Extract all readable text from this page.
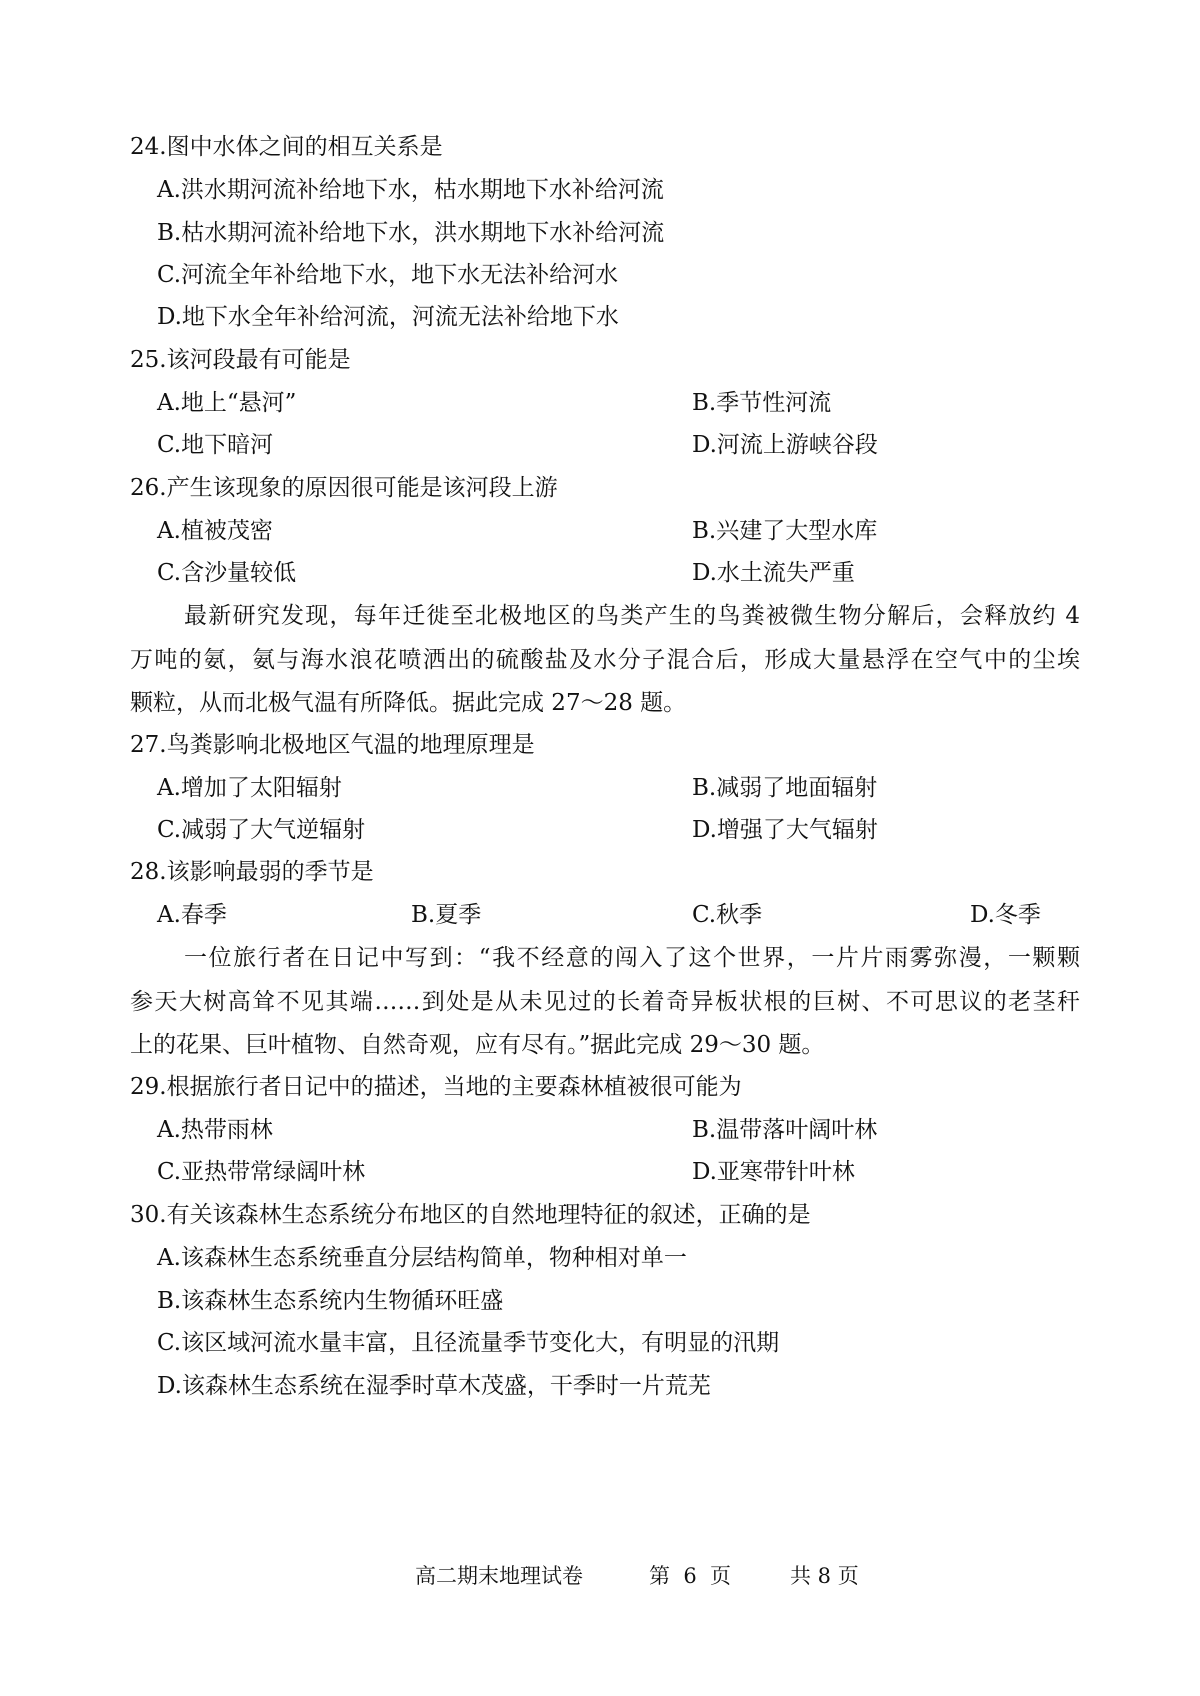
24.图中水体之间的相互关系是
A.洪水期河流补给地下水，枯水期地下水补给河流
B.枯水期河流补给地下水，洪水期地下水补给河流
C.河流全年补给地下水，地下水无法补给河水
D.地下水全年补给河流，河流无法补给地下水
25.该河段最有可能是
A.地上“悬河”	B.季节性河流
C.地下暗河	D.河流上游峡谷段
26.产生该现象的原因很可能是该河段上游
A.植被茂密	B.兴建了大型水库
C.含沙量较低	D.水土流失严重
最新研究发现，每年迁徙至北极地区的鸟类产生的鸟粪被微生物分解后，会释放约 4
万吨的氨，氨与海水浪花喷洒出的硫酸盐及水分子混合后，形成大量悬浮在空气中的尘埃
颗粒，从而北极气温有所降低。据此完成 27～28 题。
27.鸟粪影响北极地区气温的地理原理是
A.增加了太阳辐射	B.减弱了地面辐射
C.减弱了大气逆辐射	D.增强了大气辐射
28.该影响最弱的季节是
A.春季	B.夏季	C.秋季	D.冬季
一位旅行者在日记中写到：“我不经意的闯入了这个世界，一片片雨雾弥漫，一颗颗
参天大树高耸不见其端……到处是从未见过的长着奇异板状根的巨树、不可思议的老茎秆
上的花果、巨叶植物、自然奇观，应有尽有。”据此完成 29～30 题。
29.根据旅行者日记中的描述，当地的主要森林植被很可能为
A.热带雨林	B.温带落叶阔叶林
C.亚热带常绿阔叶林	D.亚寒带针叶林
30.有关该森林生态系统分布地区的自然地理特征的叙述，正确的是
A.该森林生态系统垂直分层结构简单，物种相对单一
B.该森林生态系统内生物循环旺盛
C.该区域河流水量丰富，且径流量季节变化大，有明显的汛期
D.该森林生态系统在湿季时草木茂盛，干季时一片荒芜
高二期末地理试卷	第  6  页	共 8 页
